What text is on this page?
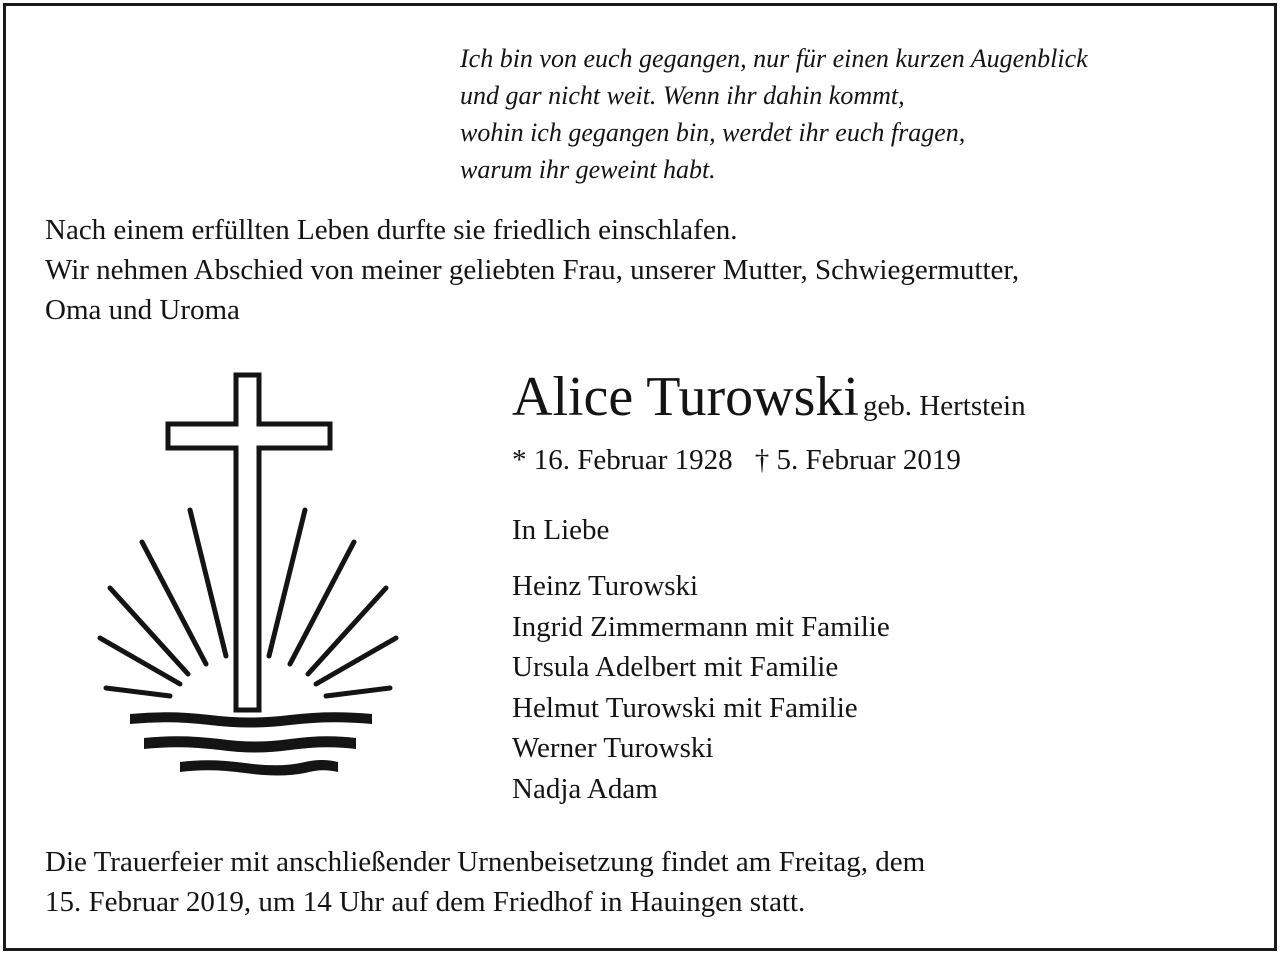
Ich bin von euch gegangen, nur für einen kurzen Augenblick
und gar nicht weit. Wenn ihr dahin kommt,
wohin ich gegangen bin, werdet ihr euch fragen,
warum ihr geweint habt.
Nach einem erfüllten Leben durfte sie friedlich einschlafen.
Wir nehmen Abschied von meiner geliebten Frau, unserer Mutter, Schwiegermutter,
Oma und Uroma
Alice Turowski geb. Hertstein
* 16. Februar 1928 † 5. Februar 2019
In Liebe
Heinz Turowski
Ingrid Zimmermann mit Familie
Ursula Adelbert mit Familie
Helmut Turowski mit Familie
Werner Turowski
Nadja Adam
Die Trauerfeier mit anschließender Urnenbeisetzung findet am Freitag, dem
15. Februar 2019, um 14 Uhr auf dem Friedhof in Hauingen statt.
